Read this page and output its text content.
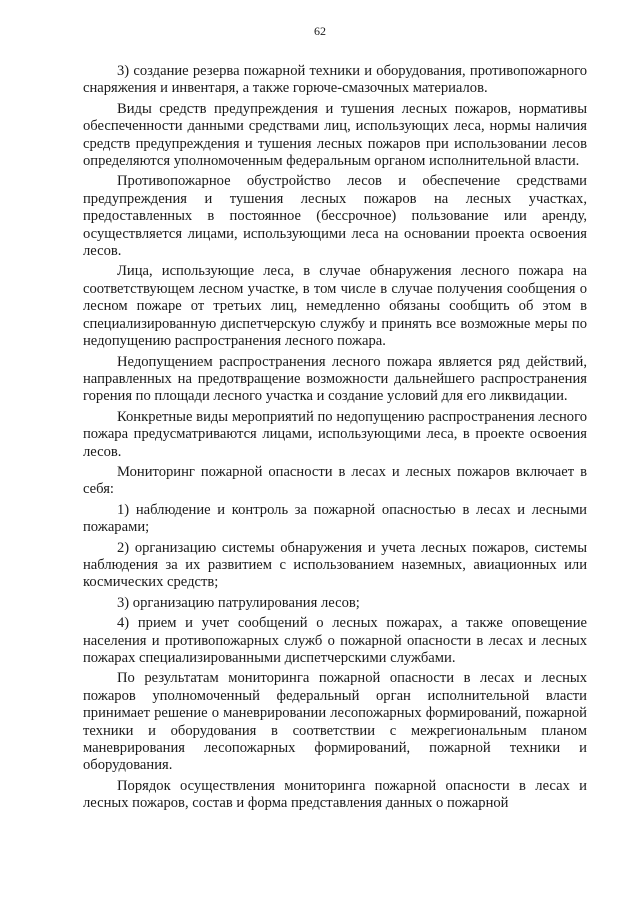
62

3) создание резерва пожарной техники и оборудования, противопожарного снаряжения и инвентаря, а также горюче-смазочных материалов.

Виды средств предупреждения и тушения лесных пожаров, нормативы обеспеченности данными средствами лиц, использующих леса, нормы наличия средств предупреждения и тушения лесных пожаров при использовании лесов определяются уполномоченным федеральным органом исполнительной власти.

Противопожарное обустройство лесов и обеспечение средствами предупреждения и тушения лесных пожаров на лесных участках, предоставленных в постоянное (бессрочное) пользование или аренду, осуществляется лицами, использующими леса на основании проекта освоения лесов.

Лица, использующие леса, в случае обнаружения лесного пожара на соответствующем лесном участке, в том числе в случае получения сообщения о лесном пожаре от третьих лиц, немедленно обязаны сообщить об этом в специализированную диспетчерскую службу и принять все возможные меры по недопущению распространения лесного пожара.

Недопущением распространения лесного пожара является ряд действий, направленных на предотвращение возможности дальнейшего распространения горения по площади лесного участка и создание условий для его ликвидации.

Конкретные виды мероприятий по недопущению распространения лесного пожара предусматриваются лицами, использующими леса, в проекте освоения лесов.

Мониторинг пожарной опасности в лесах и лесных пожаров включает в себя:

1) наблюдение и контроль за пожарной опасностью в лесах и лесными пожарами;

2) организацию системы обнаружения и учета лесных пожаров, системы наблюдения за их развитием с использованием наземных, авиационных или космических средств;

3) организацию патрулирования лесов;

4) прием и учет сообщений о лесных пожарах, а также оповещение населения и противопожарных служб о пожарной опасности в лесах и лесных пожарах специализированными диспетчерскими службами.

По результатам мониторинга пожарной опасности в лесах и лесных пожаров уполномоченный федеральный орган исполнительной власти принимает решение о маневрировании лесопожарных формирований, пожарной техники и оборудования в соответствии с межрегиональным планом маневрирования лесопожарных формирований, пожарной техники и оборудования.

Порядок осуществления мониторинга пожарной опасности в лесах и лесных пожаров, состав и форма представления данных о пожарной
